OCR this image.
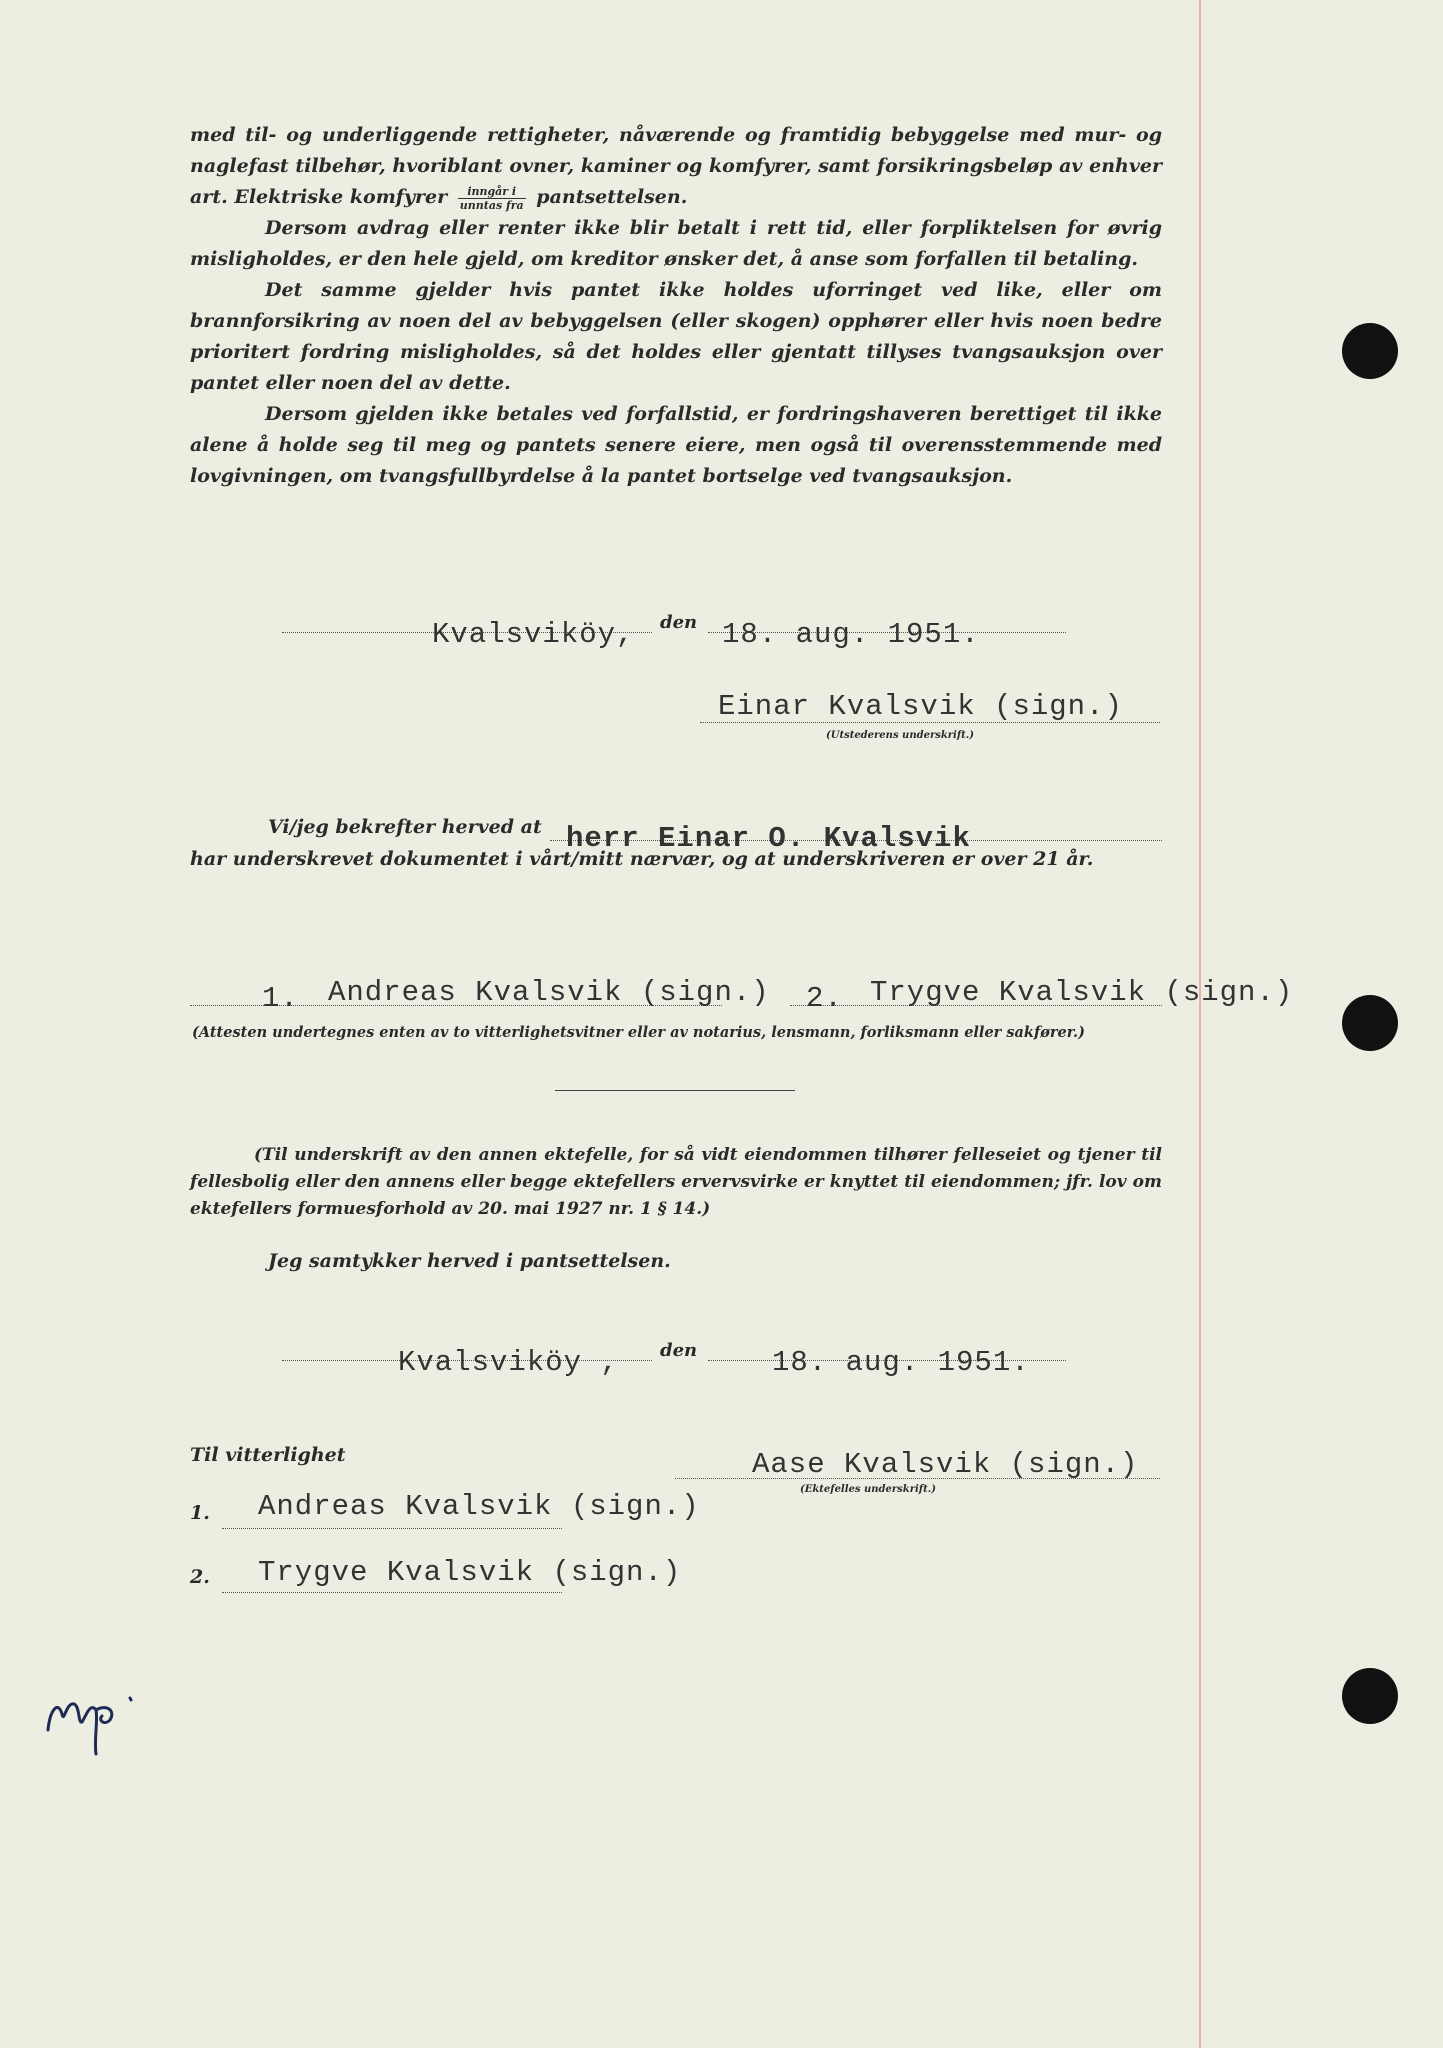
med til- og underliggende rettigheter, nåværende og framtidig bebyggelse med mur- og naglefast tilbehør, hvoriblant ovner, kaminer og komfyrer, samt forsikringsbeløp av enhver art. Elektriske komfyrer $\frac{\text{inngår i}}{\text{unntas fra}}$ pantsettelsen.

Dersom avdrag eller renter ikke blir betalt i rett tid, eller forpliktelsen for øvrig misligholdes, er den hele gjeld, om kreditor ønsker det, å anse som forfallen til betaling.

Det samme gjelder hvis pantet ikke holdes uforringet ved like, eller om brannforsikring av noen del av bebyggelsen (eller skogen) opphører eller hvis noen bedre prioritert fordring misligholdes, så det holdes eller gjentatt tillyses tvangsauksjon over pantet eller noen del av dette.

Dersom gjelden ikke betales ved forfallstid, er fordringshaveren berettiget til ikke alene å holde seg til meg og pantets senere eiere, men også til overensstemmende med lovgivningen, om tvangsfullbyrdelse å la pantet bortselge ved tvangsauksjon.

Kvalsviköy, den 18. aug. 1951.
Einar Kvalsvik (sign.)
(Utstederens underskrift.)
Vi/jeg bekrefter herved at herr Einar O. Kvalsvik
har underskrevet dokumentet i vårt/mitt nærvær, og at underskriveren er over 21 år.
1. Andreas Kvalsvik (sign.) 2. Trygve Kvalsvik (sign.)
(Attesten undertegnes enten av to vitterlighetsvitner eller av notarius, lensmann, forliksmann eller sakfører.)
(Til underskrift av den annen ektefelle, for så vidt eiendommen tilhører felleseiet og tjener til fellesbolig eller den annens eller begge ektefellers ervervsvirke er knyttet til eiendommen; jfr. lov om ektefellers formuesforhold av 20. mai 1927 nr. 1 § 14.)
Jeg samtykker herved i pantsettelsen.
Kvalsviköy , den	18. aug. 1951.
Til vitterlighet	Aase Kvalsvik (sign.)
(Ektefelles underskrift.)
1. Andreas Kvalsvik (sign.)
2. Trygve Kvalsvik (sign.)
